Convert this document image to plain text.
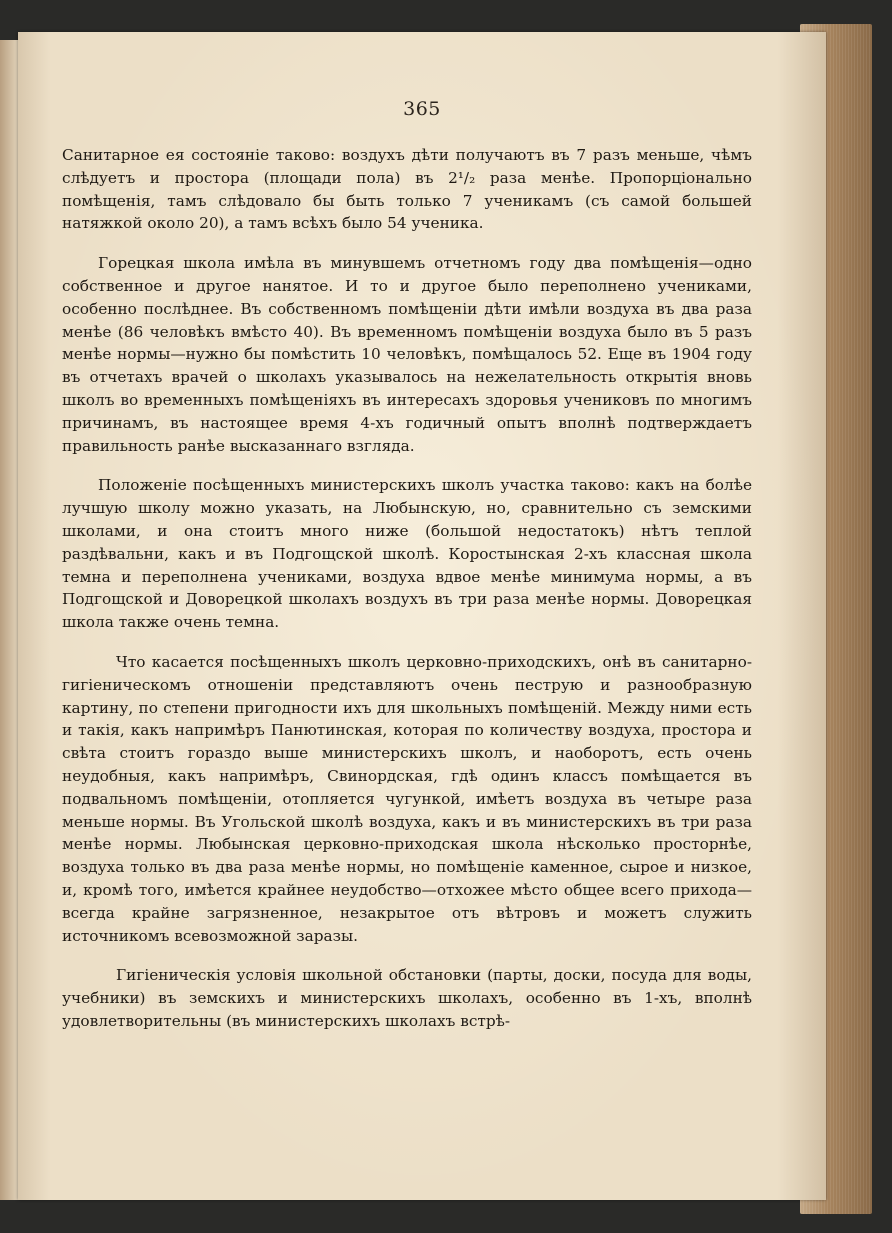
365

Санитарное ея состояніе таково: воздухъ дѣти получаютъ въ 7 разъ меньше, чѣмъ слѣдуетъ и простора (площади пола) въ 2¹/₂ раза менѣе. Пропорціонально помѣщенія, тамъ слѣдовало бы быть только 7 ученикамъ (съ самой большей натяжкой около 20), а тамъ всѣхъ было 54 ученика.

Горецкая школа имѣла въ минувшемъ отчетномъ году два помѣщенія—одно собственное и другое нанятое. И то и другое было переполнено учениками, особенно послѣднее. Въ собственномъ помѣщеніи дѣти имѣли воздуха въ два раза менѣе (86 человѣкъ вмѣсто 40). Въ временномъ помѣщеніи воздуха было въ 5 разъ менѣе нормы—нужно бы помѣстить 10 человѣкъ, помѣщалось 52. Еще въ 1904 году въ отчетахъ врачей о школахъ указывалось на нежелательность открытія вновь школъ во временныхъ помѣщеніяхъ въ интересахъ здоровья учениковъ по многимъ причинамъ, въ настоящее время 4-хъ годичный опытъ вполнѣ подтверждаетъ правильность ранѣе высказаннаго взгляда.

Положеніе посѣщенныхъ министерскихъ школъ участка таково: какъ на болѣе лучшую школу можно указать, на Любынскую, но, сравнительно съ земскими школами, и она стоитъ много ниже (большой недостатокъ) нѣтъ теплой раздѣвальни, какъ и въ Подгощской школѣ. Коростынская 2-хъ классная школа темна и переполнена учениками, воздуха вдвое менѣе минимума нормы, а въ Подгощской и Доворецкой школахъ воздухъ въ три раза менѣе нормы. Доворецкая школа также очень темна.

Что касается посѣщенныхъ школъ церковно-приходскихъ, онѣ въ санитарно-гигіеническомъ отношеніи представляютъ очень пеструю и разнообразную картину, по степени пригодности ихъ для школьныхъ помѣщеній. Между ними есть и такія, какъ напримѣръ Панютинская, которая по количеству воздуха, простора и свѣта стоитъ гораздо выше министерскихъ школъ, и наоборотъ, есть очень неудобныя, какъ напримѣръ, Свинордская, гдѣ одинъ классъ помѣщается въ подвальномъ помѣщеніи, отопляется чугункой, имѣетъ воздуха въ четыре раза меньше нормы. Въ Угольской школѣ воздуха, какъ и въ министерскихъ въ три раза менѣе нормы. Любынская церковно-приходская школа нѣсколько просторнѣе, воздуха только въ два раза менѣе нормы, но помѣщеніе каменное, сырое и низкое, и, кромѣ того, имѣется крайнее неудобство—отхожее мѣсто общее всего прихода—всегда крайне загрязненное, незакрытое отъ вѣтровъ и можетъ служить источникомъ всевозможной заразы.

Гигіеническія условія школьной обстановки (парты, доски, посуда для воды, учебники) въ земскихъ и министерскихъ школахъ, особенно въ 1-хъ, вполнѣ удовлетворительны (въ министерскихъ школахъ встрѣ-
